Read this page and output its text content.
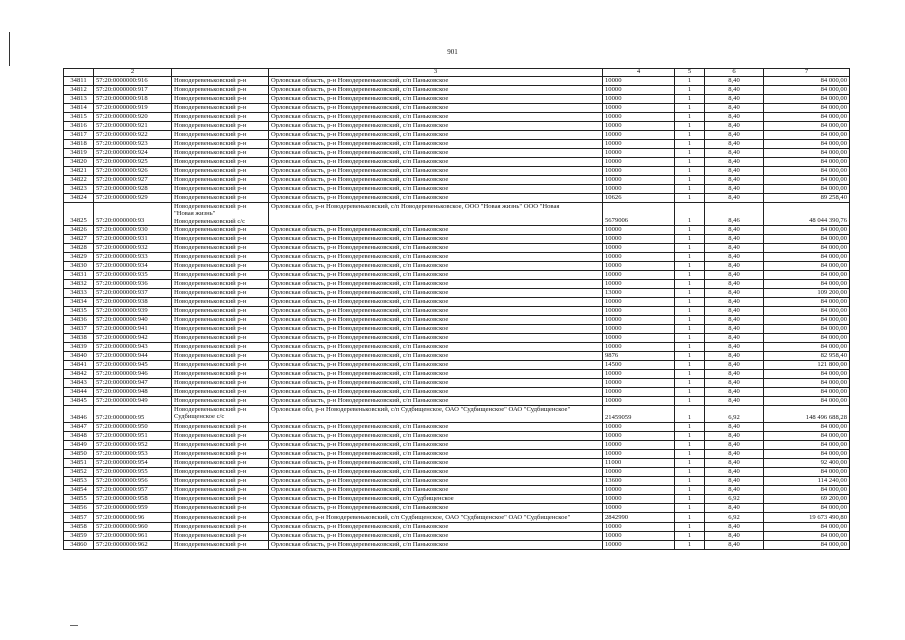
901
	2		3	4	5	6	7
34811	57:20:0000000:916	Новодеревеньковский р-н	Орловская область, р-н Новодеревеньковский, с/п Паньковское	10000	1	8,40	84 000,00
34812	57:20:0000000:917	Новодеревеньковский р-н	Орловская область, р-н Новодеревеньковский, с/п Паньковское	10000	1	8,40	84 000,00
34813	57:20:0000000:918	Новодеревеньковский р-н	Орловская область, р-н Новодеревеньковский, с/п Паньковское	10000	1	8,40	84 000,00
34814	57:20:0000000:919	Новодеревеньковский р-н	Орловская область, р-н Новодеревеньковский, с/п Паньковское	10000	1	8,40	84 000,00
34815	57:20:0000000:920	Новодеревеньковский р-н	Орловская область, р-н Новодеревеньковский, с/п Паньковское	10000	1	8,40	84 000,00
34816	57:20:0000000:921	Новодеревеньковский р-н	Орловская область, р-н Новодеревеньковский, с/п Паньковское	10000	1	8,40	84 000,00
34817	57:20:0000000:922	Новодеревеньковский р-н	Орловская область, р-н Новодеревеньковский, с/п Паньковское	10000	1	8,40	84 000,00
34818	57:20:0000000:923	Новодеревеньковский р-н	Орловская область, р-н Новодеревеньковский, с/п Паньковское	10000	1	8,40	84 000,00
34819	57:20:0000000:924	Новодеревеньковский р-н	Орловская область, р-н Новодеревеньковский, с/п Паньковское	10000	1	8,40	84 000,00
34820	57:20:0000000:925	Новодеревеньковский р-н	Орловская область, р-н Новодеревеньковский, с/п Паньковское	10000	1	8,40	84 000,00
34821	57:20:0000000:926	Новодеревеньковский р-н	Орловская область, р-н Новодеревеньковский, с/п Паньковское	10000	1	8,40	84 000,00
34822	57:20:0000000:927	Новодеревеньковский р-н	Орловская область, р-н Новодеревеньковский, с/п Паньковское	10000	1	8,40	84 000,00
34823	57:20:0000000:928	Новодеревеньковский р-н	Орловская область, р-н Новодеревеньковский, с/п Паньковское	10000	1	8,40	84 000,00
34824	57:20:0000000:929	Новодеревеньковский р-н	Орловская область, р-н Новодеревеньковский, с/п Паньковское	10626	1	8,40	89 258,40
34825	57:20:0000000:93	Новодеревеньковский р-н "Новая жизнь" Новодеревеньковский с/с	Орловская обл, р-н Новодеревеньковский, с/п Новодеревеньковское, ООО "Новая жизнь" ООО "Новая	5679006	1	8,46	48 044 390,76
34826	57:20:0000000:930	Новодеревеньковский р-н	Орловская область, р-н Новодеревеньковский, с/п Паньковское	10000	1	8,40	84 000,00
34827	57:20:0000000:931	Новодеревеньковский р-н	Орловская область, р-н Новодеревеньковский, с/п Паньковское	10000	1	8,40	84 000,00
34828	57:20:0000000:932	Новодеревеньковский р-н	Орловская область, р-н Новодеревеньковский, с/п Паньковское	10000	1	8,40	84 000,00
34829	57:20:0000000:933	Новодеревеньковский р-н	Орловская область, р-н Новодеревеньковский, с/п Паньковское	10000	1	8,40	84 000,00
34830	57:20:0000000:934	Новодеревеньковский р-н	Орловская область, р-н Новодеревеньковский, с/п Паньковское	10000	1	8,40	84 000,00
34831	57:20:0000000:935	Новодеревеньковский р-н	Орловская область, р-н Новодеревеньковский, с/п Паньковское	10000	1	8,40	84 000,00
34832	57:20:0000000:936	Новодеревеньковский р-н	Орловская область, р-н Новодеревеньковский, с/п Паньковское	10000	1	8,40	84 000,00
34833	57:20:0000000:937	Новодеревеньковский р-н	Орловская область, р-н Новодеревеньковский, с/п Паньковское	13000	1	8,40	109 200,00
34834	57:20:0000000:938	Новодеревеньковский р-н	Орловская область, р-н Новодеревеньковский, с/п Паньковское	10000	1	8,40	84 000,00
34835	57:20:0000000:939	Новодеревеньковский р-н	Орловская область, р-н Новодеревеньковский, с/п Паньковское	10000	1	8,40	84 000,00
34836	57:20:0000000:940	Новодеревеньковский р-н	Орловская область, р-н Новодеревеньковский, с/п Паньковское	10000	1	8,40	84 000,00
34837	57:20:0000000:941	Новодеревеньковский р-н	Орловская область, р-н Новодеревеньковский, с/п Паньковское	10000	1	8,40	84 000,00
34838	57:20:0000000:942	Новодеревеньковский р-н	Орловская область, р-н Новодеревеньковский, с/п Паньковское	10000	1	8,40	84 000,00
34839	57:20:0000000:943	Новодеревеньковский р-н	Орловская область, р-н Новодеревеньковский, с/п Паньковское	10000	1	8,40	84 000,00
34840	57:20:0000000:944	Новодеревеньковский р-н	Орловская область, р-н Новодеревеньковский, с/п Паньковское	9876	1	8,40	82 958,40
34841	57:20:0000000:945	Новодеревеньковский р-н	Орловская область, р-н Новодеревеньковский, с/п Паньковское	14500	1	8,40	121 800,00
34842	57:20:0000000:946	Новодеревеньковский р-н	Орловская область, р-н Новодеревеньковский, с/п Паньковское	10000	1	8,40	84 000,00
34843	57:20:0000000:947	Новодеревеньковский р-н	Орловская область, р-н Новодеревеньковский, с/п Паньковское	10000	1	8,40	84 000,00
34844	57:20:0000000:948	Новодеревеньковский р-н	Орловская область, р-н Новодеревеньковский, с/п Паньковское	10000	1	8,40	84 000,00
34845	57:20:0000000:949	Новодеревеньковский р-н	Орловская область, р-н Новодеревеньковский, с/п Паньковское	10000	1	8,40	84 000,00
34846	57:20:0000000:95	Новодеревеньковский р-н Судбищенское с/с	Орловская обл, р-н Новодеревеньковский, с/п Судбищенское, ОАО "Судбищенское" ОАО "Судбищенское"	21459059	1	6,92	148 496 688,28
34847	57:20:0000000:950	Новодеревеньковский р-н	Орловская область, р-н Новодеревеньковский, с/п Паньковское	10000	1	8,40	84 000,00
34848	57:20:0000000:951	Новодеревеньковский р-н	Орловская область, р-н Новодеревеньковский, с/п Паньковское	10000	1	8,40	84 000,00
34849	57:20:0000000:952	Новодеревеньковский р-н	Орловская область, р-н Новодеревеньковский, с/п Паньковское	10000	1	8,40	84 000,00
34850	57:20:0000000:953	Новодеревеньковский р-н	Орловская область, р-н Новодеревеньковский, с/п Паньковское	10000	1	8,40	84 000,00
34851	57:20:0000000:954	Новодеревеньковский р-н	Орловская область, р-н Новодеревеньковский, с/п Паньковское	11000	1	8,40	92 400,00
34852	57:20:0000000:955	Новодеревеньковский р-н	Орловская область, р-н Новодеревеньковский, с/п Паньковское	10000	1	8,40	84 000,00
34853	57:20:0000000:956	Новодеревеньковский р-н	Орловская область, р-н Новодеревеньковский, с/п Паньковское	13600	1	8,40	114 240,00
34854	57:20:0000000:957	Новодеревеньковский р-н	Орловская область, р-н Новодеревеньковский, с/п Паньковское	10000	1	8,40	84 000,00
34855	57:20:0000000:958	Новодеревеньковский р-н	Орловская область, р-н Новодеревеньковский, с/п Судбищенское	10000	1	6,92	69 200,00
34856	57:20:0000000:959	Новодеревеньковский р-н	Орловская область, р-н Новодеревеньковский, с/п Паньковское	10000	1	8,40	84 000,00
34857	57:20:0000000:96	Новодеревеньковский р-н	Орловская обл, р-н Новодеревеньковский, с/п Судбищенское, ОАО "Судбищенское" ОАО "Судбищенское"	2842990	1	6,92	19 673 490,80
34858	57:20:0000000:960	Новодеревеньковский р-н	Орловская область, р-н Новодеревеньковский, с/п Паньковское	10000	1	8,40	84 000,00
34859	57:20:0000000:961	Новодеревеньковский р-н	Орловская область, р-н Новодеревеньковский, с/п Паньковское	10000	1	8,40	84 000,00
34860	57:20:0000000:962	Новодеревеньковский р-н	Орловская область, р-н Новодеревеньковский, с/п Паньковское	10000	1	8,40	84 000,00
